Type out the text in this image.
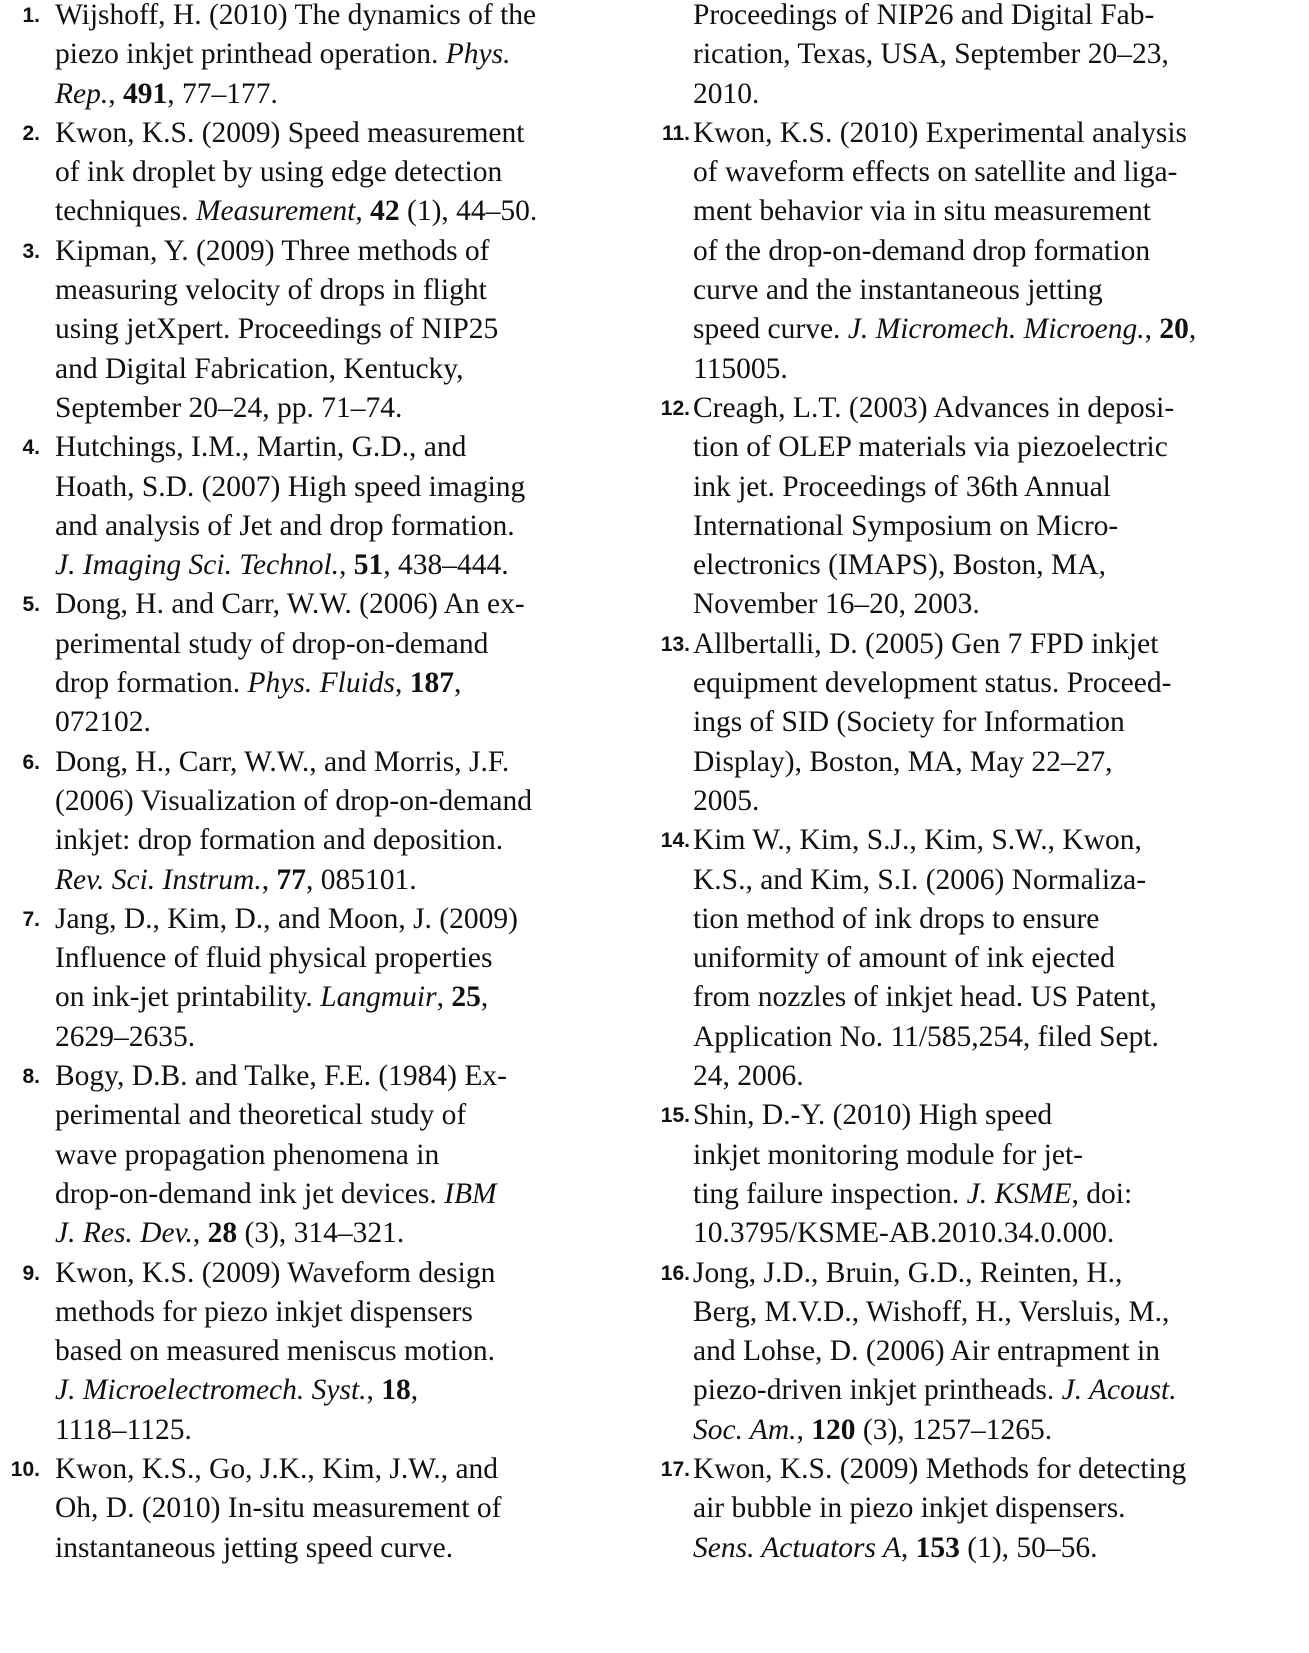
1. Wijshoff, H. (2010) The dynamics of the
piezo inkjet printhead operation. Phys.
Rep., 491, 77–177.
2. Kwon, K.S. (2009) Speed measurement
of ink droplet by using edge detection
techniques. Measurement, 42 (1), 44–50.
3. Kipman, Y. (2009) Three methods of
measuring velocity of drops in flight
using jetXpert. Proceedings of NIP25
and Digital Fabrication, Kentucky,
September 20–24, pp. 71–74.
4. Hutchings, I.M., Martin, G.D., and
Hoath, S.D. (2007) High speed imaging
and analysis of Jet and drop formation.
J. Imaging Sci. Technol., 51, 438–444.
5. Dong, H. and Carr, W.W. (2006) An ex-
perimental study of drop-on-demand
drop formation. Phys. Fluids, 187,
072102.
6. Dong, H., Carr, W.W., and Morris, J.F.
(2006) Visualization of drop-on-demand
inkjet: drop formation and deposition.
Rev. Sci. Instrum., 77, 085101.
7. Jang, D., Kim, D., and Moon, J. (2009)
Influence of fluid physical properties
on ink-jet printability. Langmuir, 25,
2629–2635.
8. Bogy, D.B. and Talke, F.E. (1984) Ex-
perimental and theoretical study of
wave propagation phenomena in
drop-on-demand ink jet devices. IBM
J. Res. Dev., 28 (3), 314–321.
9. Kwon, K.S. (2009) Waveform design
methods for piezo inkjet dispensers
based on measured meniscus motion.
J. Microelectromech. Syst., 18,
1118–1125.
10. Kwon, K.S., Go, J.K., Kim, J.W., and
Oh, D. (2010) In-situ measurement of
instantaneous jetting speed curve.
Proceedings of NIP26 and Digital Fab-
rication, Texas, USA, September 20–23,
2010.
11. Kwon, K.S. (2010) Experimental analysis
of waveform effects on satellite and liga-
ment behavior via in situ measurement
of the drop-on-demand drop formation
curve and the instantaneous jetting
speed curve. J. Micromech. Microeng., 20,
115005.
12. Creagh, L.T. (2003) Advances in deposi-
tion of OLEP materials via piezoelectric
ink jet. Proceedings of 36th Annual
International Symposium on Micro-
electronics (IMAPS), Boston, MA,
November 16–20, 2003.
13. Allbertalli, D. (2005) Gen 7 FPD inkjet
equipment development status. Proceed-
ings of SID (Society for Information
Display), Boston, MA, May 22–27,
2005.
14. Kim W., Kim, S.J., Kim, S.W., Kwon,
K.S., and Kim, S.I. (2006) Normaliza-
tion method of ink drops to ensure
uniformity of amount of ink ejected
from nozzles of inkjet head. US Patent,
Application No. 11/585,254, filed Sept.
24, 2006.
15. Shin, D.-Y. (2010) High speed
inkjet monitoring module for jet-
ting failure inspection. J. KSME, doi:
10.3795/KSME-AB.2010.34.0.000.
16. Jong, J.D., Bruin, G.D., Reinten, H.,
Berg, M.V.D., Wishoff, H., Versluis, M.,
and Lohse, D. (2006) Air entrapment in
piezo-driven inkjet printheads. J. Acoust.
Soc. Am., 120 (3), 1257–1265.
17. Kwon, K.S. (2009) Methods for detecting
air bubble in piezo inkjet dispensers.
Sens. Actuators A, 153 (1), 50–56.
